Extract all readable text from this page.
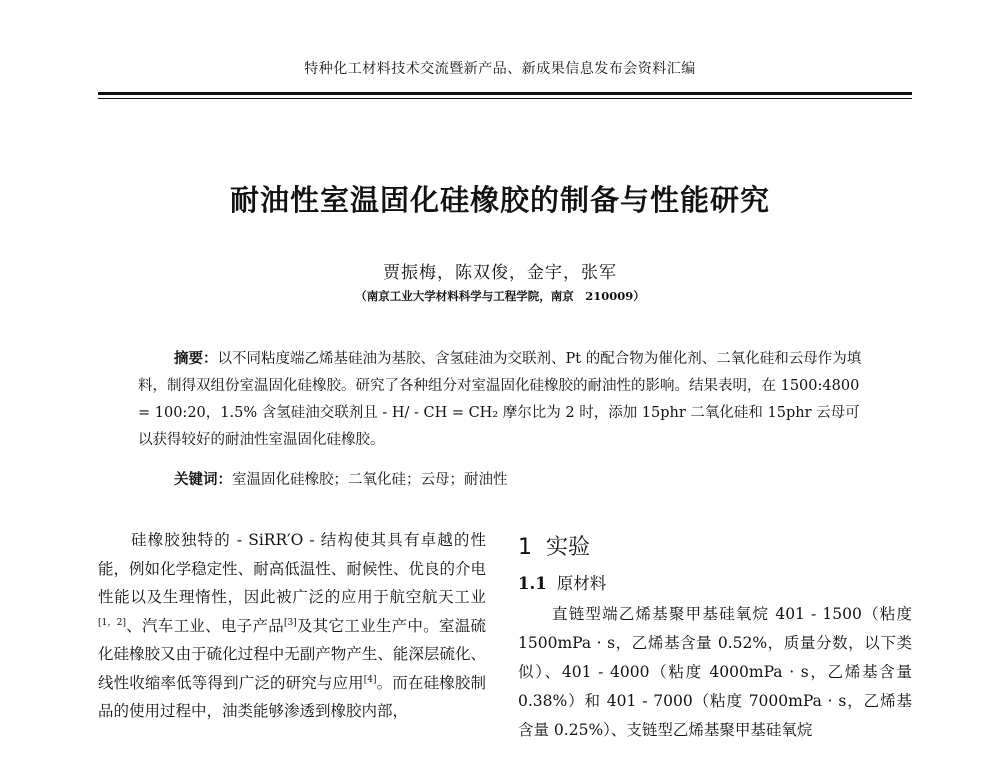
特种化工材料技术交流暨新产品、新成果信息发布会资料汇编
耐油性室温固化硅橡胶的制备与性能研究
贾振梅，陈双俊，金宇，张军
（南京工业大学材料科学与工程学院，南京　210009）
摘要：以不同粘度端乙烯基硅油为基胶、含氢硅油为交联剂、Pt 的配合物为催化剂、二氧化硅和云母作为填料，制得双组份室温固化硅橡胶。研究了各种组分对室温固化硅橡胶的耐油性的影响。结果表明，在 1500:4800 = 100:20，1.5% 含氢硅油交联剂且 - H/ - CH = CH₂ 摩尔比为 2 时，添加 15phr 二氧化硅和 15phr 云母可以获得较好的耐油性室温固化硅橡胶。
关键词：室温固化硅橡胶；二氧化硅；云母；耐油性
硅橡胶独特的 - SiRR′O - 结构使其具有卓越的性能，例如化学稳定性、耐高低温性、耐候性、优良的介电性能以及生理惰性，因此被广泛的应用于航空航天工业[1，2]、汽车工业、电子产品[3]及其它工业生产中。室温硫化硅橡胶又由于硫化过程中无副产物产生、能深层硫化、线性收缩率低等得到广泛的研究与应用[4]。而在硅橡胶制品的使用过程中，油类能够渗透到橡胶内部，
1 实验
1.1 原材料
直链型端乙烯基聚甲基硅氧烷 401 - 1500（粘度 1500mPa · s，乙烯基含量 0.52%，质量分数，以下类似）、401 - 4000（粘度 4000mPa · s，乙烯基含量 0.38%）和 401 - 7000（粘度 7000mPa · s，乙烯基含量 0.25%）、支链型乙烯基聚甲基硅氧烷
